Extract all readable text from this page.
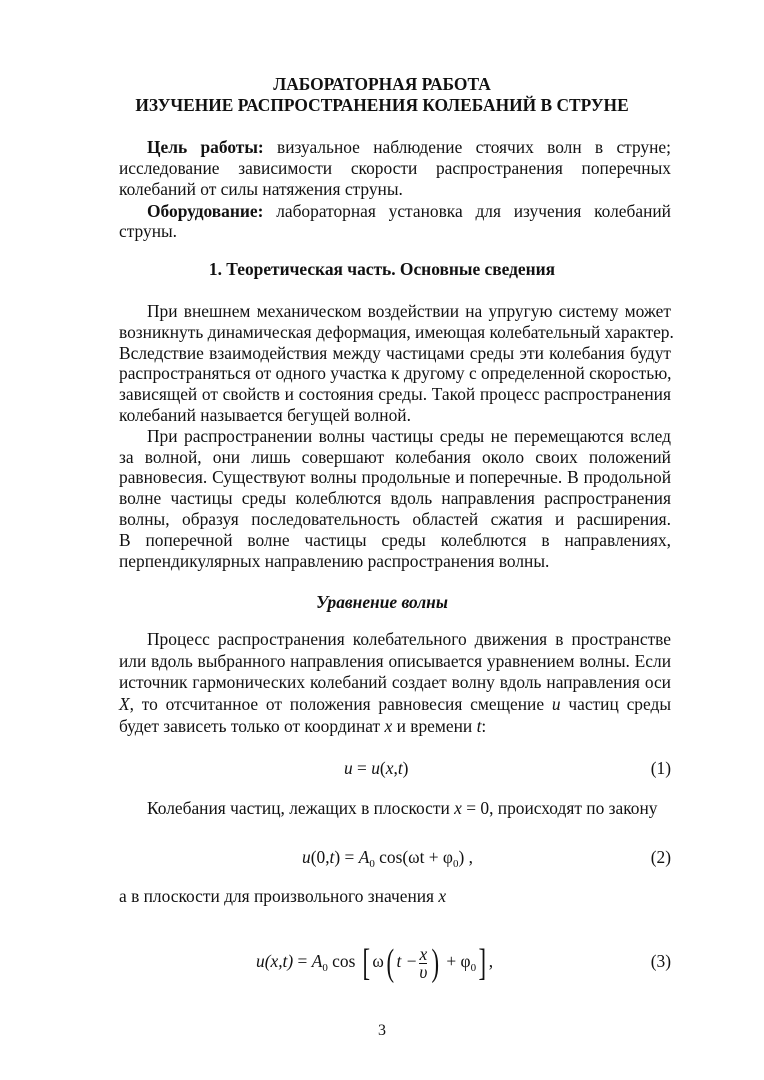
ЛАБОРАТОРНАЯ РАБОТА
ИЗУЧЕНИЕ РАСПРОСТРАНЕНИЯ КОЛЕБАНИЙ В СТРУНЕ
Цель работы: визуальное наблюдение стоячих волн в струне;
исследование зависимости скорости распространения поперечных
колебаний от силы натяжения струны.
Оборудование: лабораторная установка для изучения колебаний
струны.
1. Теоретическая часть. Основные сведения
При внешнем механическом воздействии на упругую систему может
возникнуть динамическая деформация, имеющая колебательный характер.
Вследствие взаимодействия между частицами среды эти колебания будут
распространяться от одного участка к другому с определенной скоростью,
зависящей от свойств и состояния среды. Такой процесс распространения
колебаний называется бегущей волной.
При распространении волны частицы среды не перемещаются вслед
за волной, они лишь совершают колебания около своих положений
равновесия. Существуют волны продольные и поперечные. В продольной
волне частицы среды колеблются вдоль направления распространения
волны, образуя последовательность областей сжатия и расширения.
В поперечной волне частицы среды колеблются в направлениях,
перпендикулярных направлению распространения волны.
Уравнение волны
Процесс распространения колебательного движения в пространстве
или вдоль выбранного направления описывается уравнением волны. Если
источник гармонических колебаний создает волну вдоль направления оси
X, то отсчитанное от положения равновесия смещение u частиц среды
будет зависеть только от координат x и времени t:
u = u(x,t)	(1)
Колебания частиц, лежащих в плоскости x = 0, происходят по закону
$u(0,t) = A_0$ $\cos(\omega t + \varphi_0)$ ,	(2)
а в плоскости для произвольного значения x
$u(x,t) = A_0$ cos [ ω( $t - \frac{x}{\upsilon}$ ) + $\varphi_0$] ,	(3)
3
